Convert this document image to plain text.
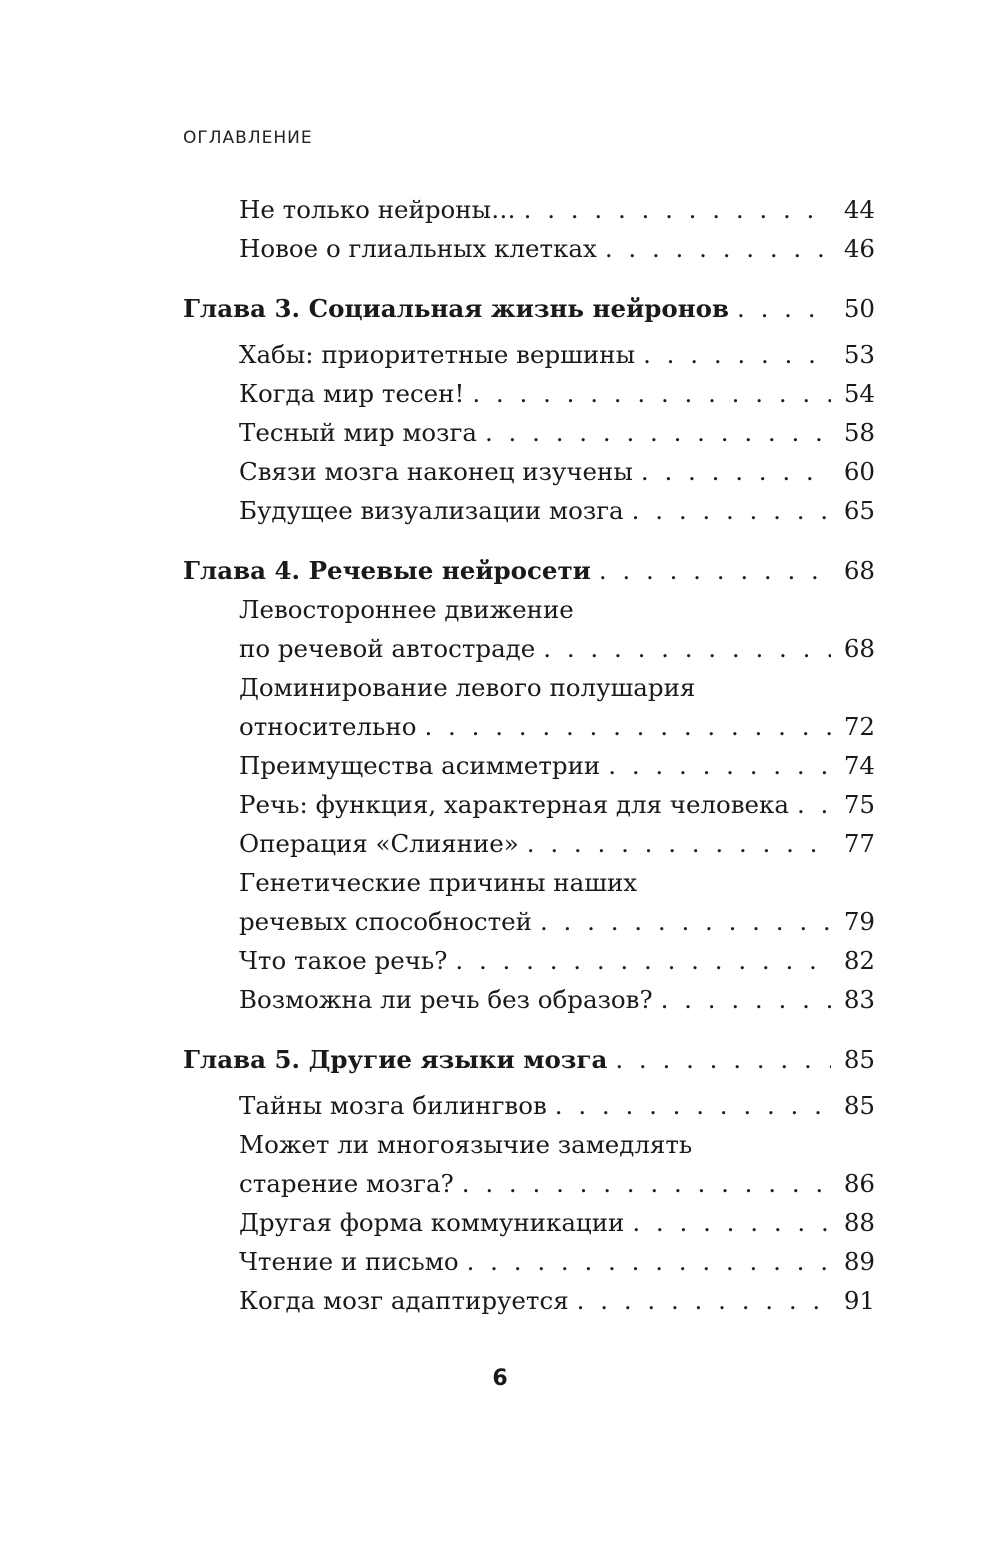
ОГЛАВЛЕНИЕ
Не только нейроны… . . .	44
Новое о глиальных клетках . . .	46
Глава 3. Социальная жизнь нейронов . . .	50
Хабы: приоритетные вершины . . .	53
Когда мир тесен! . . .	54
Тесный мир мозга . . .	58
Связи мозга наконец изучены . . .	60
Будущее визуализации мозга . . .	65
Глава 4. Речевые нейросети . . .	68
Левостороннее движение
по речевой автостраде . . .	68
Доминирование левого полушария
относительно . . .	72
Преимущества асимметрии . . .	74
Речь: функция, характерная для человека . . . 75
Операция «Слияние» . . .	77
Генетические причины наших
речевых способностей . . .	79
Что такое речь? . . .	82
Возможна ли речь без образов? . . .	83
Глава 5. Другие языки мозга . . .	85
Тайны мозга билингвов . . .	85
Может ли многоязычие замедлять
старение мозга? . . .	86
Другая форма коммуникации . . .	88
Чтение и письмо . . .	89
Когда мозг адаптируется . . .	91
6
